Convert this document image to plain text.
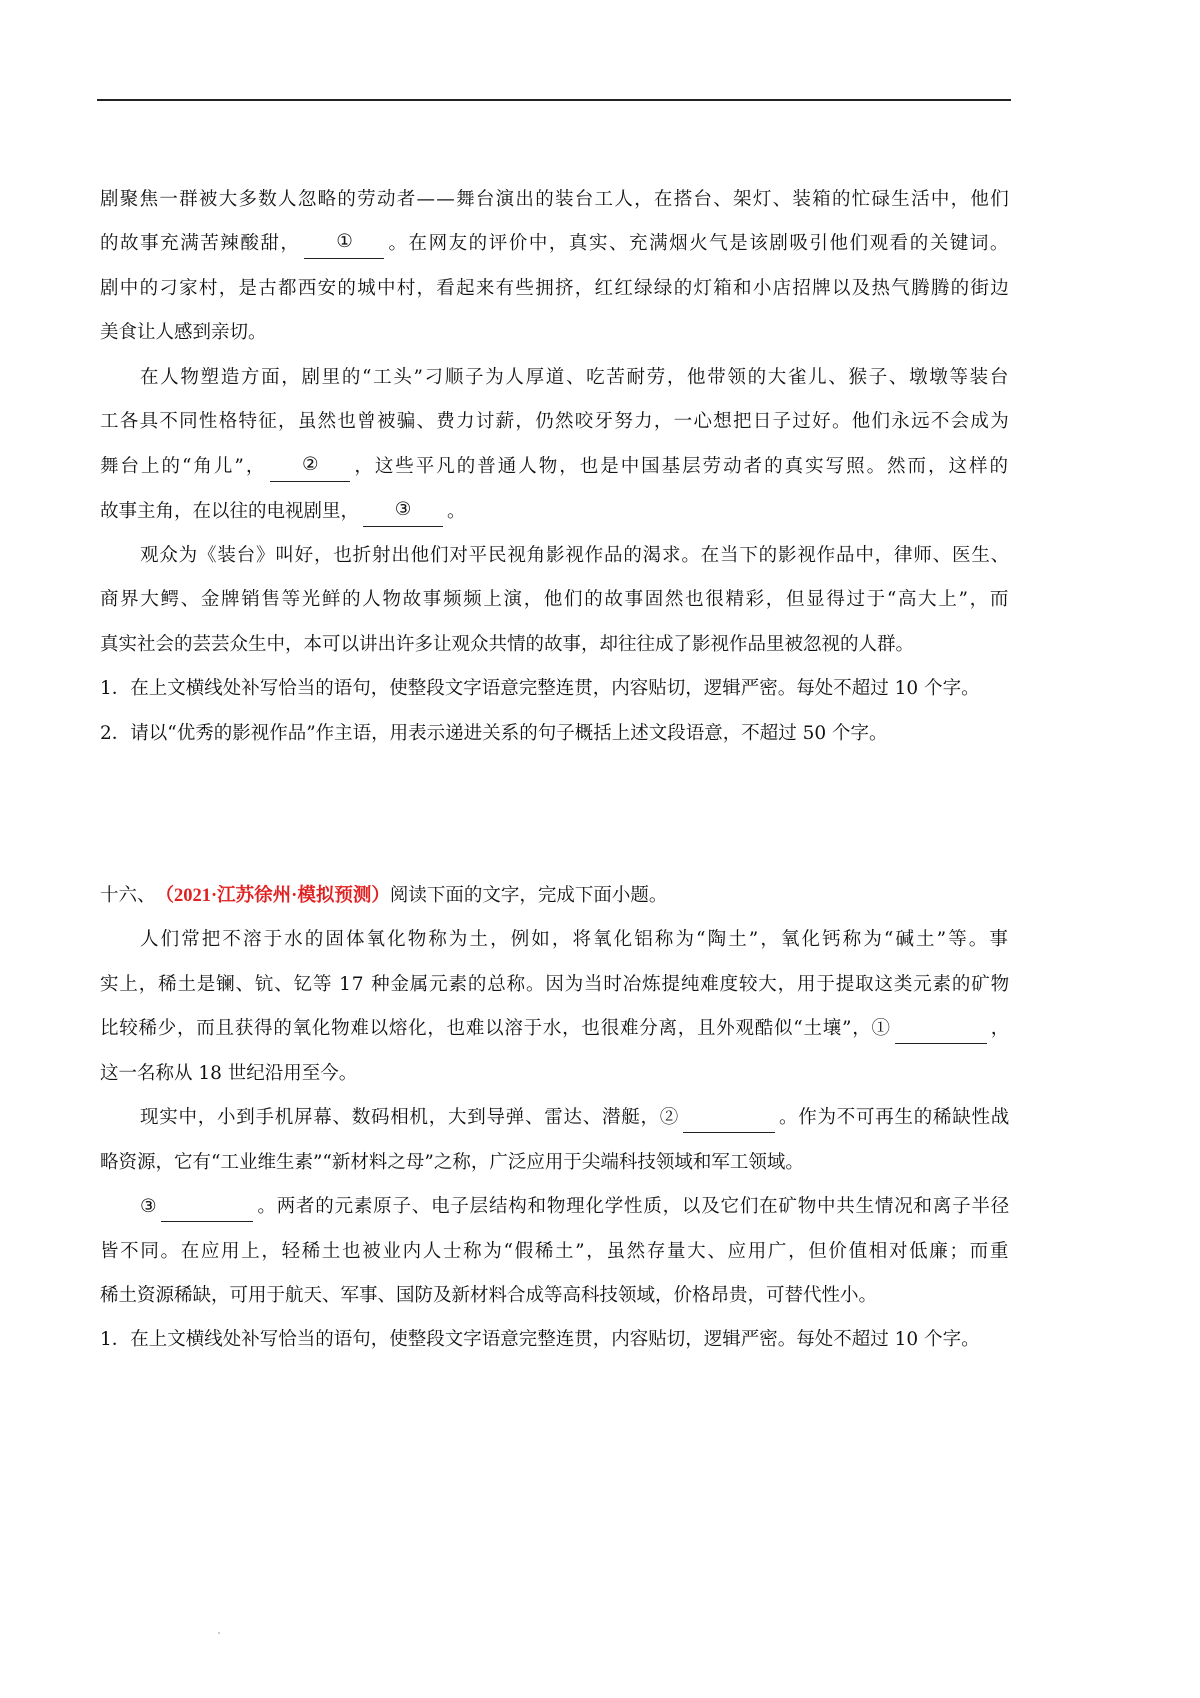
剧聚焦一群被大多数人忽略的劳动者——舞台演出的装台工人，在搭台、架灯、装箱的忙碌生活中，他们
的故事充满苦辣酸甜，	①	。在网友的评价中，真实、充满烟火气是该剧吸引他们观看的关键词。
剧中的刁家村，是古都西安的城中村，看起来有些拥挤，红红绿绿的灯箱和小店招牌以及热气腾腾的街边
美食让人感到亲切。
在人物塑造方面，剧里的“工头”刁顺子为人厚道、吃苦耐劳，他带领的大雀儿、猴子、墩墩等装台
工各具不同性格特征，虽然也曾被骗、费力讨薪，仍然咬牙努力，一心想把日子过好。他们永远不会成为
舞台上的“角儿”，	②	，这些平凡的普通人物，也是中国基层劳动者的真实写照。然而，这样的
故事主角，在以往的电视剧里，	③	。
观众为《装台》叫好，也折射出他们对平民视角影视作品的渴求。在当下的影视作品中，律师、医生、
商界大鳄、金牌销售等光鲜的人物故事频频上演，他们的故事固然也很精彩，但显得过于“高大上”，而
真实社会的芸芸众生中，本可以讲出许多让观众共情的故事，却往往成了影视作品里被忽视的人群。
1．在上文横线处补写恰当的语句，使整段文字语意完整连贯，内容贴切，逻辑严密。每处不超过 10 个字。
2．请以“优秀的影视作品”作主语，用表示递进关系的句子概括上述文段语意，不超过 50 个字。
十六、 （2021·江苏徐州·模拟预测） 阅读下面的文字，完成下面小题。
人们常把不溶于水的固体氧化物称为土，例如，将氧化铝称为“陶土”，氧化钙称为“碱土”等。事
实上，稀土是镧、钪、钇等 17 种金属元素的总称。因为当时冶炼提纯难度较大，用于提取这类元素的矿物
比较稀少，而且获得的氧化物难以熔化，也难以溶于水，也很难分离，且外观酷似“土壤”，①	，
这一名称从 18 世纪沿用至今。
现实中，小到手机屏幕、数码相机，大到导弹、雷达、潜艇，②	。作为不可再生的稀缺性战
略资源，它有“工业维生素”“新材料之母”之称，广泛应用于尖端科技领域和军工领域。
③	。两者的元素原子、电子层结构和物理化学性质，以及它们在矿物中共生情况和离子半径
皆不同。在应用上，轻稀土也被业内人士称为“假稀土”，虽然存量大、应用广，但价值相对低廉；而重
稀土资源稀缺，可用于航天、军事、国防及新材料合成等高科技领域，价格昂贵，可替代性小。
1．在上文横线处补写恰当的语句，使整段文字语意完整连贯，内容贴切，逻辑严密。每处不超过 10 个字。
